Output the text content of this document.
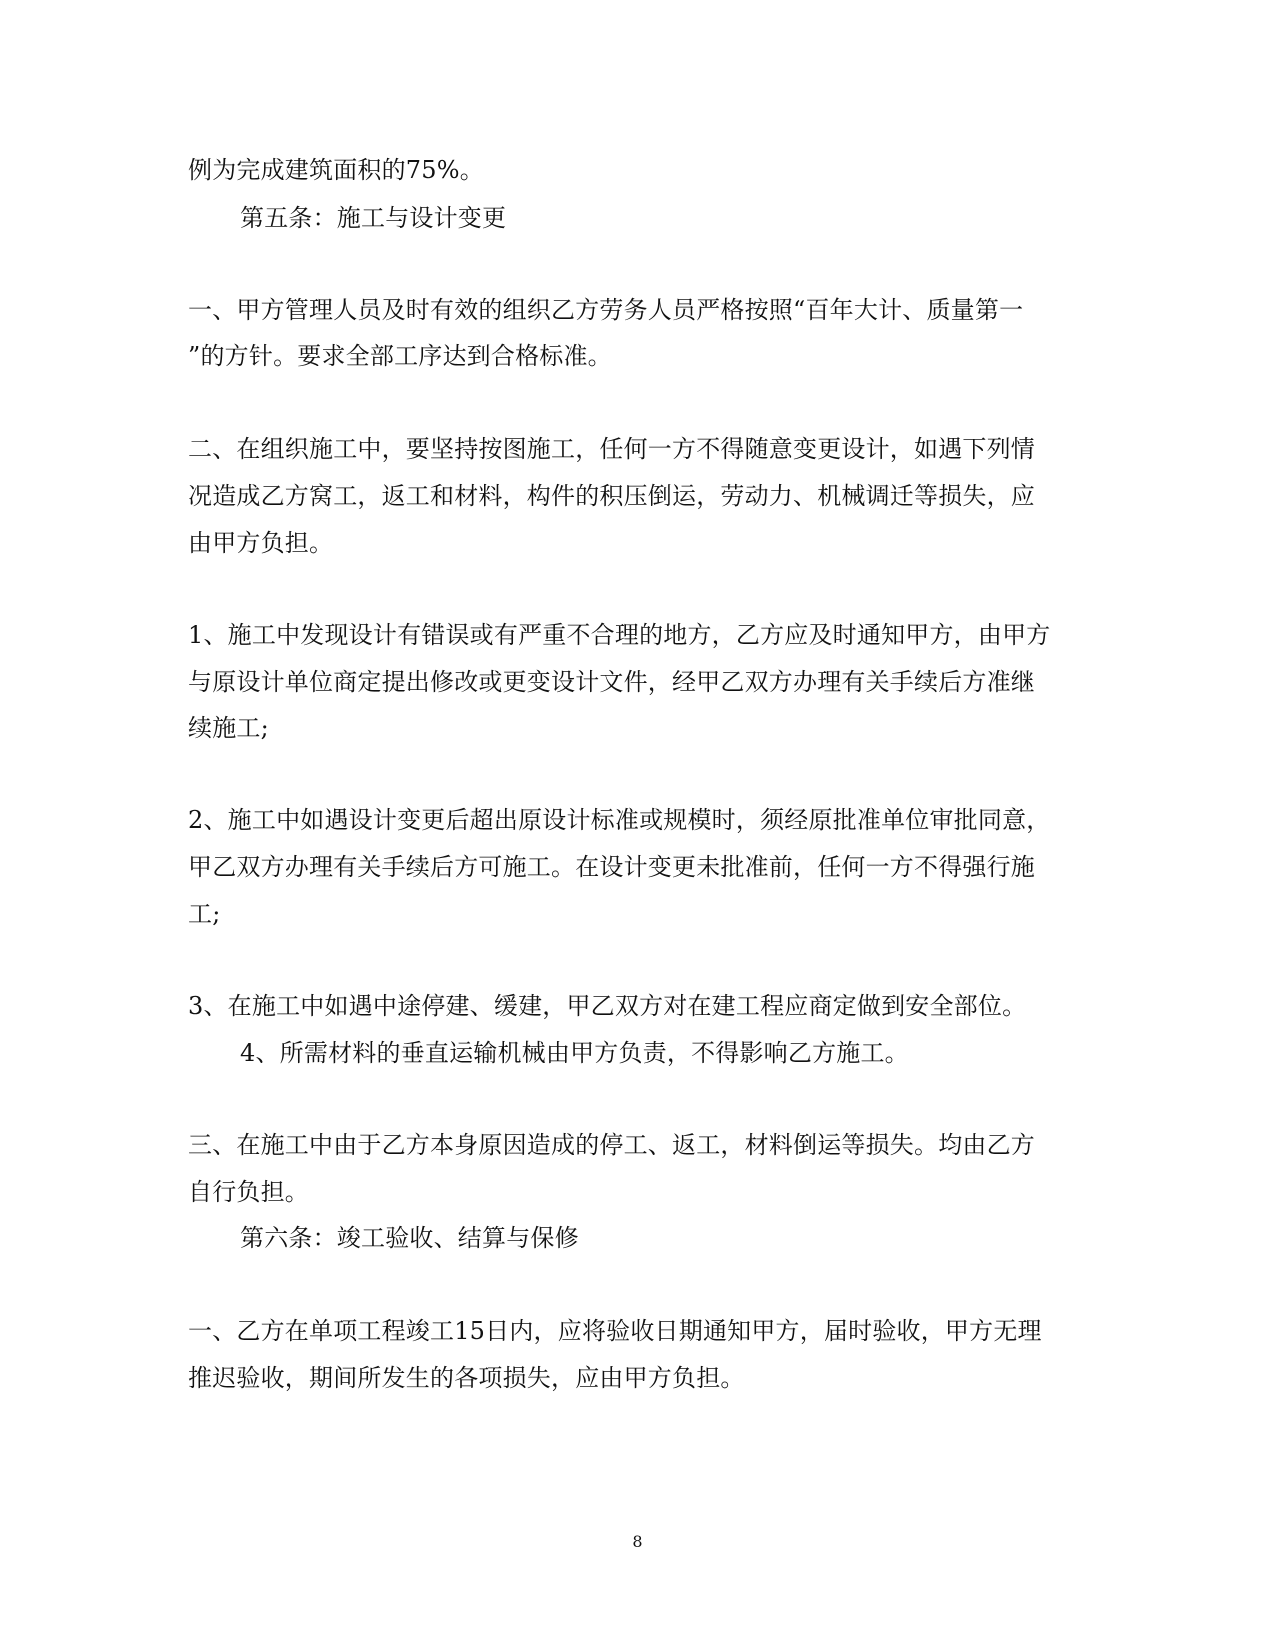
例为完成建筑面积的75%。
第五条：施工与设计变更
一、甲方管理人员及时有效的组织乙方劳务人员严格按照“百年大计、质量第一
”的方针。要求全部工序达到合格标准。
二、在组织施工中，要坚持按图施工，任何一方不得随意变更设计，如遇下列情
况造成乙方窝工，返工和材料，构件的积压倒运，劳动力、机械调迁等损失，应
由甲方负担。
1、施工中发现设计有错误或有严重不合理的地方，乙方应及时通知甲方，由甲方
与原设计单位商定提出修改或更变设计文件，经甲乙双方办理有关手续后方准继
续施工;
2、施工中如遇设计变更后超出原设计标准或规模时，须经原批准单位审批同意，
甲乙双方办理有关手续后方可施工。在设计变更未批准前，任何一方不得强行施
工;
3、在施工中如遇中途停建、缓建，甲乙双方对在建工程应商定做到安全部位。
4、所需材料的垂直运输机械由甲方负责，不得影响乙方施工。
三、在施工中由于乙方本身原因造成的停工、返工，材料倒运等损失。均由乙方
自行负担。
第六条：竣工验收、结算与保修
一、乙方在单项工程竣工15日内，应将验收日期通知甲方，届时验收，甲方无理
推迟验收，期间所发生的各项损失，应由甲方负担。
8
